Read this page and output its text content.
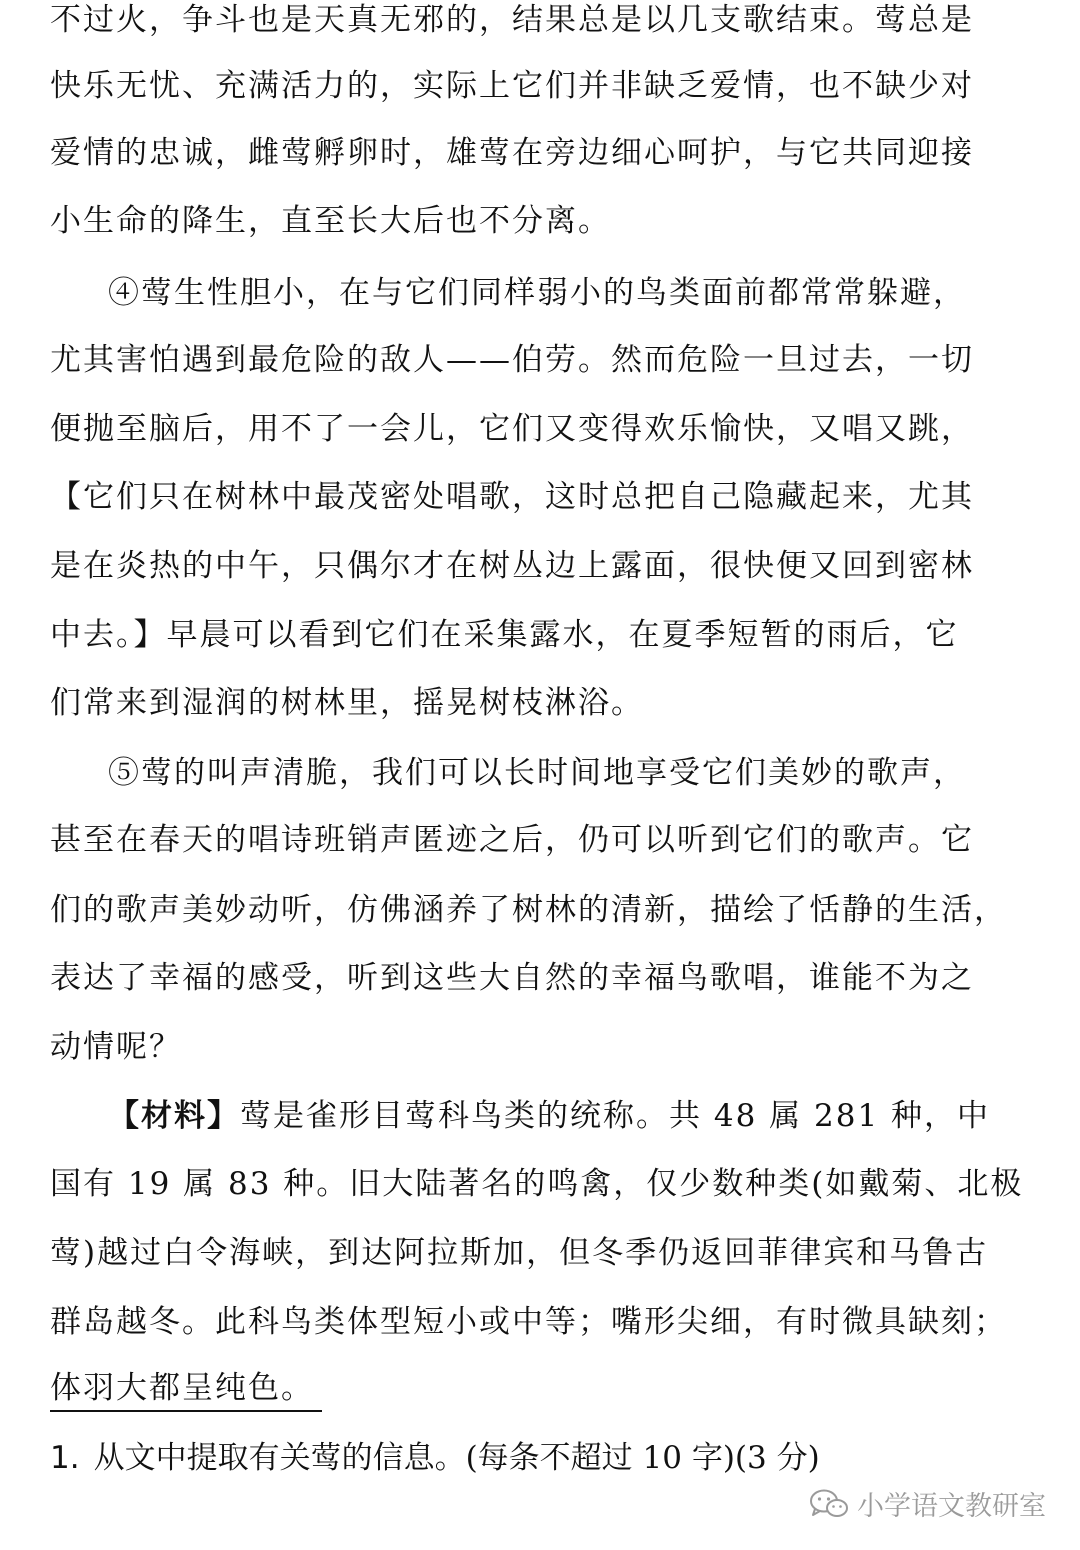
不过火，争斗也是天真无邪的，结果总是以几支歌结束。莺总是
快乐无忧、充满活力的，实际上它们并非缺乏爱情，也不缺少对
爱情的忠诚，雌莺孵卵时，雄莺在旁边细心呵护，与它共同迎接
小生命的降生，直至长大后也不分离。
④莺生性胆小，在与它们同样弱小的鸟类面前都常常躲避，
尤其害怕遇到最危险的敌人——伯劳。然而危险一旦过去，一切
便抛至脑后，用不了一会儿，它们又变得欢乐愉快，又唱又跳，
【它们只在树林中最茂密处唱歌，这时总把自己隐藏起来，尤其
是在炎热的中午，只偶尔才在树丛边上露面，很快便又回到密林
中去。】早晨可以看到它们在采集露水，在夏季短暂的雨后，它
们常来到湿润的树林里，摇晃树枝淋浴。
⑤莺的叫声清脆，我们可以长时间地享受它们美妙的歌声，
甚至在春天的唱诗班销声匿迹之后，仍可以听到它们的歌声。它
们的歌声美妙动听，仿佛涵养了树林的清新，描绘了恬静的生活，
表达了幸福的感受，听到这些大自然的幸福鸟歌唱，谁能不为之
动情呢？
【材料】莺是雀形目莺科鸟类的统称。共 48 属 281 种，中
国有 19 属 83 种。旧大陆著名的鸣禽，仅少数种类(如戴菊、北极
莺)越过白令海峡，到达阿拉斯加，但冬季仍返回菲律宾和马鲁古
群岛越冬。此科鸟类体型短小或中等；嘴形尖细，有时微具缺刻；
体羽大都呈纯色。
1. 从文中提取有关莺的信息。(每条不超过 10 字)(3 分)
小学语文教研室
